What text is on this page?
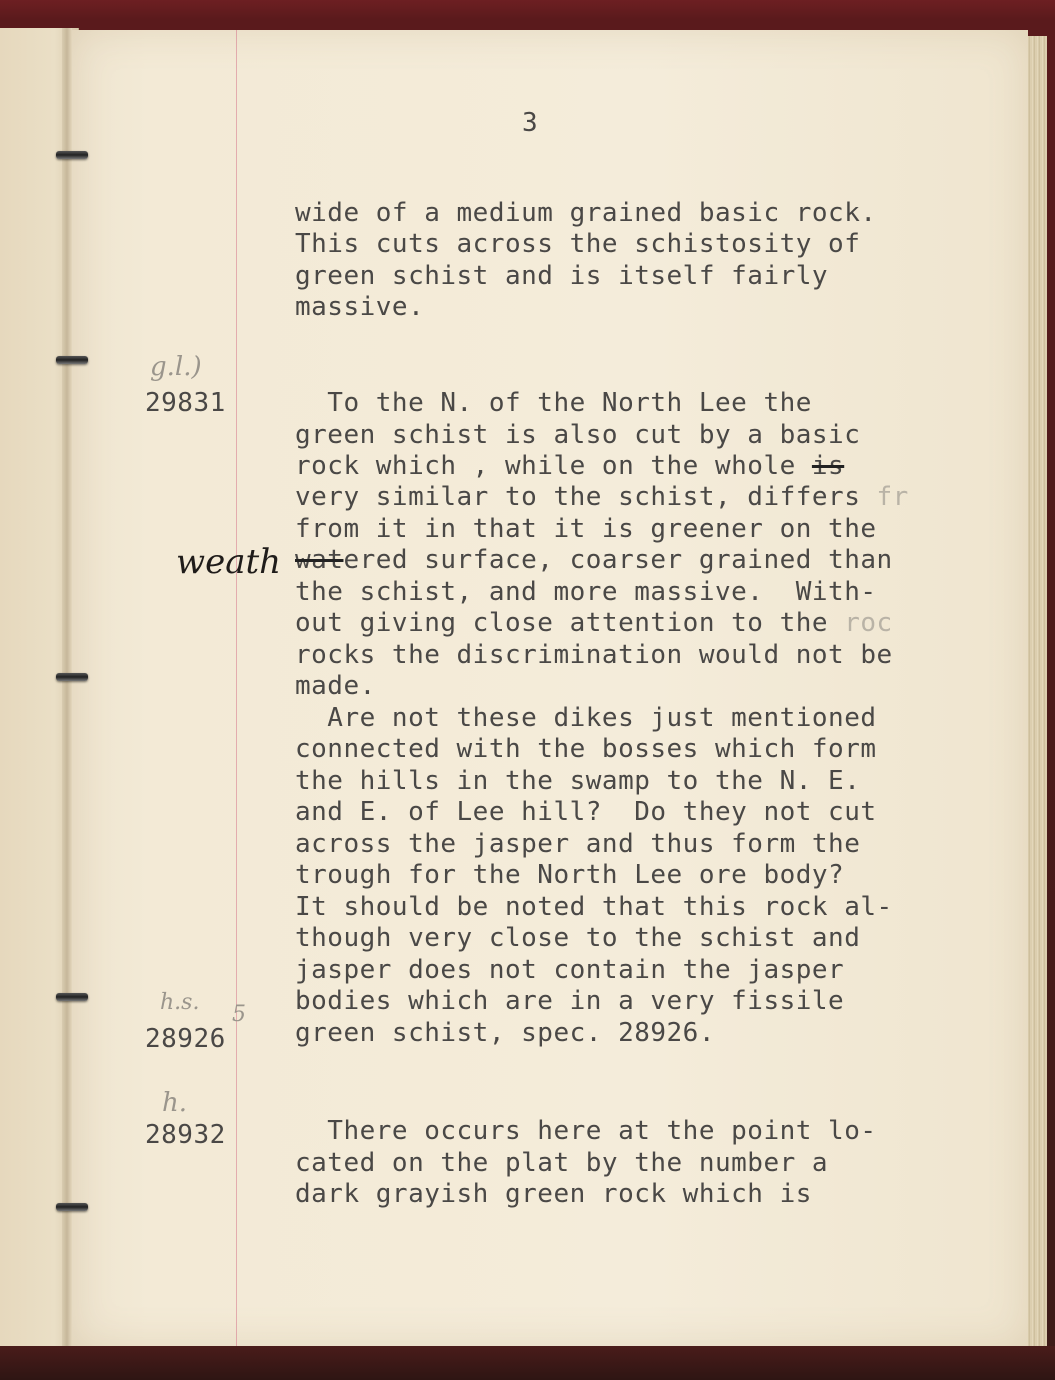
3
wide of a medium grained basic rock.
This cuts across the schistosity of
green schist and is itself fairly
massive.
g.l.)
29831	To the N. of the North Lee the
green schist is also cut by a basic
rock which , while on the whole is
very similar to the schist, differs fr
from it in that it is greener on the
watered surface, coarser grained than
the schist, and more massive.  With-
out giving close attention to the roc
rocks the discrimination would not be
made.
weath
Are not these dikes just mentioned
connected with the bosses which form
the hills in the swamp to the N. E.
and E. of Lee hill?  Do they not cut
across the jasper and thus form the
trough for the North Lee ore body?
It should be noted that this rock al-
though very close to the schist and
jasper does not contain the jasper
bodies which are in a very fissile
green schist, spec. 28926.
h.s. 5
28926
h.
28932	There occurs here at the point lo-
cated on the plat by the number a
dark grayish green rock which is
